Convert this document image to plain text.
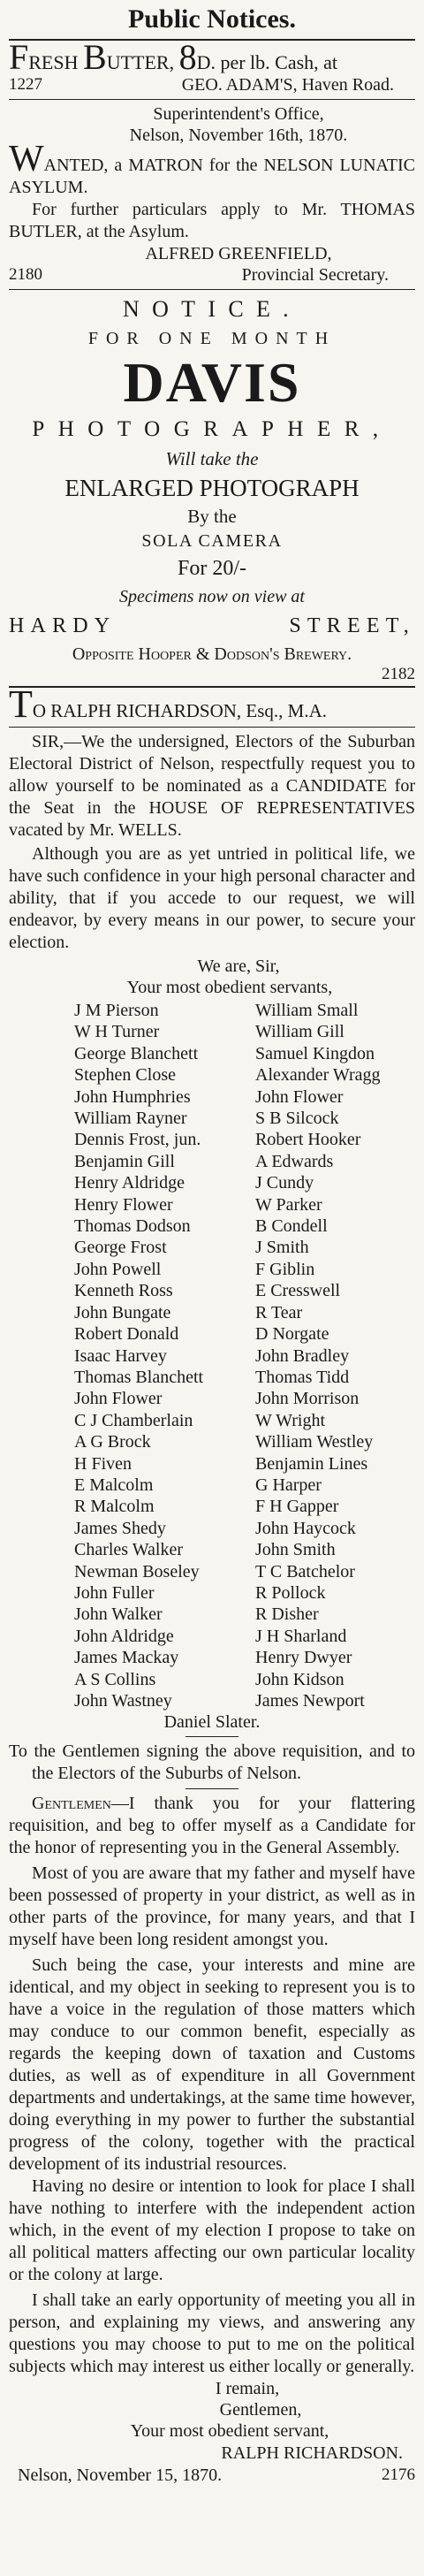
Public Notices.
FRESH BUTTER, 8D. per lb. Cash, at
1227	GEO. ADAM'S, Haven Road.
Superintendent's Office,
Nelson, November 16th, 1870.
WANTED, a MATRON for the NELSON LUNATIC ASYLUM.
For further particulars apply to Mr. THOMAS BUTLER, at the Asylum.
ALFRED GREENFIELD,
2180	Provincial Secretary.
NOTICE.
FOR ONE MONTH
DAVIS
PHOTOGRAPHER,
Will take the
ENLARGED PHOTOGRAPH
By the
SOLA CAMERA
For 20/-
Specimens now on view at
HARDY	STREET,
Opposite Hooper & Dodson's Brewery.
2182
TO RALPH RICHARDSON, Esq., M.A.
SIR,—We the undersigned, Electors of the Suburban Electoral District of Nelson, respectfully request you to allow yourself to be nominated as a CANDIDATE for the Seat in the HOUSE OF REPRESENTATIVES vacated by Mr. WELLS.
Although you are as yet untried in political life, we have such confidence in your high personal character and ability, that if you accede to our request, we will endeavor, by every means in our power, to secure your election.
We are, Sir,
Your most obedient servants,
J M Pierson	William Small
W H Turner	William Gill
George Blanchett	Samuel Kingdon
Stephen Close	Alexander Wragg
John Humphries	John Flower
William Rayner	S B Silcock
Dennis Frost, jun.	Robert Hooker
Benjamin Gill	A Edwards
Henry Aldridge	J Cundy
Henry Flower	W Parker
Thomas Dodson	B Condell
George Frost	J Smith
John Powell	F Giblin
Kenneth Ross	E Cresswell
John Bungate	R Tear
Robert Donald	D Norgate
Isaac Harvey	John Bradley
Thomas Blanchett	Thomas Tidd
John Flower	John Morrison
C J Chamberlain	W Wright
A G Brock	William Westley
H Fiven	Benjamin Lines
E Malcolm	G Harper
R Malcolm	F H Gapper
James Shedy	John Haycock
Charles Walker	John Smith
Newman Boseley	T C Batchelor
John Fuller	R Pollock
John Walker	R Disher
John Aldridge	J H Sharland
James Mackay	Henry Dwyer
A S Collins	John Kidson
John Wastney	James Newport
Daniel Slater.
To the Gentlemen signing the above requisition, and to the Electors of the Suburbs of Nelson.
Gentlemen—I thank you for your flattering requisition, and beg to offer myself as a Candidate for the honor of representing you in the General Assembly.
Most of you are aware that my father and myself have been possessed of property in your district, as well as in other parts of the province, for many years, and that I myself have been long resident amongst you.
Such being the case, your interests and mine are identical, and my object in seeking to represent you is to have a voice in the regulation of those matters which may conduce to our common benefit, especially as regards the keeping down of taxation and Customs duties, as well as of expenditure in all Government departments and undertakings, at the same time however, doing everything in my power to further the substantial progress of the colony, together with the practical development of its industrial resources.
Having no desire or intention to look for place I shall have nothing to interfere with the independent action which, in the event of my election I propose to take on all political matters affecting our own particular locality or the colony at large.
I shall take an early opportunity of meeting you all in person, and explaining my views, and answering any questions you may choose to put to me on the political subjects which may interest us either locally or generally.
I remain,
Gentlemen,
Your most obedient servant,
RALPH RICHARDSON.
Nelson, November 15, 1870.	2176
